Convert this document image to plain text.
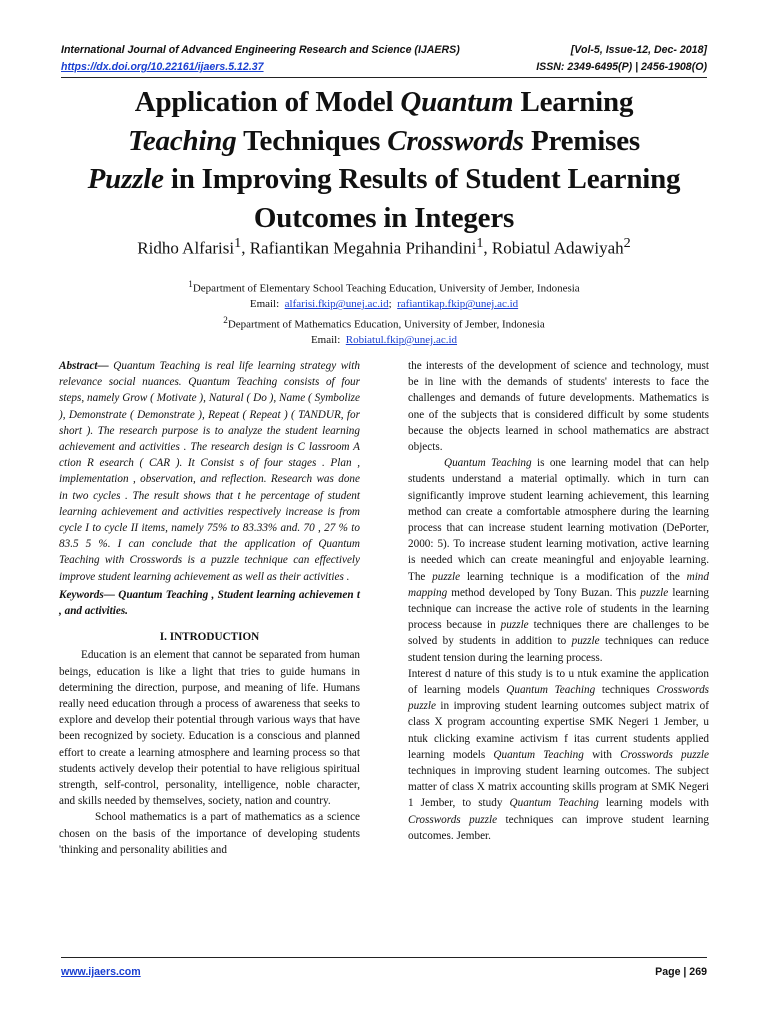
International Journal of Advanced Engineering Research and Science (IJAERS)	[Vol-5, Issue-12, Dec- 2018]
https://dx.doi.org/10.22161/ijaers.5.12.37	ISSN: 2349-6495(P) | 2456-1908(O)
Application of Model Quantum Learning
Teaching Techniques Crosswords Premises
Puzzle in Improving Results of Student Learning
Outcomes in Integers
Ridho Alfarisi$^1$, Rafiantikan Megahnia Prihandini$^1$, Robiatul Adawiyah$^2$
$^1$Department of Elementary School Teaching Education, University of Jember, Indonesia
Email: alfarisi.fkip@unej.ac.id; rafiantikap.fkip@unej.ac.id
$^2$Department of Mathematics Education, University of Jember, Indonesia
Email: Robiatul.fkip@unej.ac.id
Abstract— Quantum Teaching is real life learning strategy with relevance social nuances. Quantum Teaching consists of four steps, namely Grow ( Motivate ), Natural ( Do ), Name ( Symbolize ), Demonstrate ( Demonstrate ), Repeat ( Repeat ) ( TANDUR, for short ). The research purpose is to analyze the student learning achievement and activities . The research design is C lassroom A ction R esearch ( CAR ). It Consist s of four stages . Plan , implementation , observation, and reflection. Research was done in two cycles . The result shows that t he percentage of student learning achievement and activities respectively increase is from cycle I to cycle II items, namely 75% to 83.33% and. 70 , 27 % to 83.5 5 %. I can conclude that the application of Quantum Teaching with Crosswords is a puzzle technique can effectively improve student learning achievement as well as their activities .
Keywords— Quantum Teaching , Student learning achievemen t , and activities.
I. INTRODUCTION
Education is an element that cannot be separated from human beings, education is like a light that tries to guide humans in determining the direction, purpose, and meaning of life. Humans really need education through a process of awareness that seeks to explore and develop their potential through various ways that have been recognized by society. Education is a conscious and planned effort to create a learning atmosphere and learning process so that students actively develop their potential to have religious spiritual strength, self-control, personality, intelligence, noble character, and skills needed by themselves, society, nation and country.
School mathematics is a part of mathematics as a science chosen on the basis of the importance of developing students 'thinking and personality abilities and
the interests of the development of science and technology, must be in line with the demands of students' interests to face the challenges and demands of future developments. Mathematics is one of the subjects that is considered difficult by some students because the objects learned in school mathematics are abstract objects.
Quantum Teaching is one learning model that can help students understand a material optimally. which in turn can significantly improve student learning achievement, this learning method can create a comfortable atmosphere during the learning process that can increase student learning motivation (DePorter, 2000: 5). To increase student learning motivation, active learning is needed which can create meaningful and enjoyable learning. The puzzle learning technique is a modification of the mind mapping method developed by Tony Buzan. This puzzle learning technique can increase the active role of students in the learning process because in puzzle techniques there are challenges to be solved by students in addition to puzzle techniques can reduce student tension during the learning process.
Interest d nature of this study is to u ntuk examine the application of learning models Quantum Teaching techniques Crosswords puzzle in improving student learning outcomes subject matrix of class X program accounting expertise SMK Negeri 1 Jember, u ntuk clicking examine activism f itas current students applied learning models Quantum Teaching with Crosswords puzzle techniques in improving student learning outcomes. The subject matter of class X matrix accounting skills program at SMK Negeri 1 Jember, to study Quantum Teaching learning models with Crosswords puzzle techniques can improve student learning outcomes. Jember.
www.ijaers.com	Page | 269
